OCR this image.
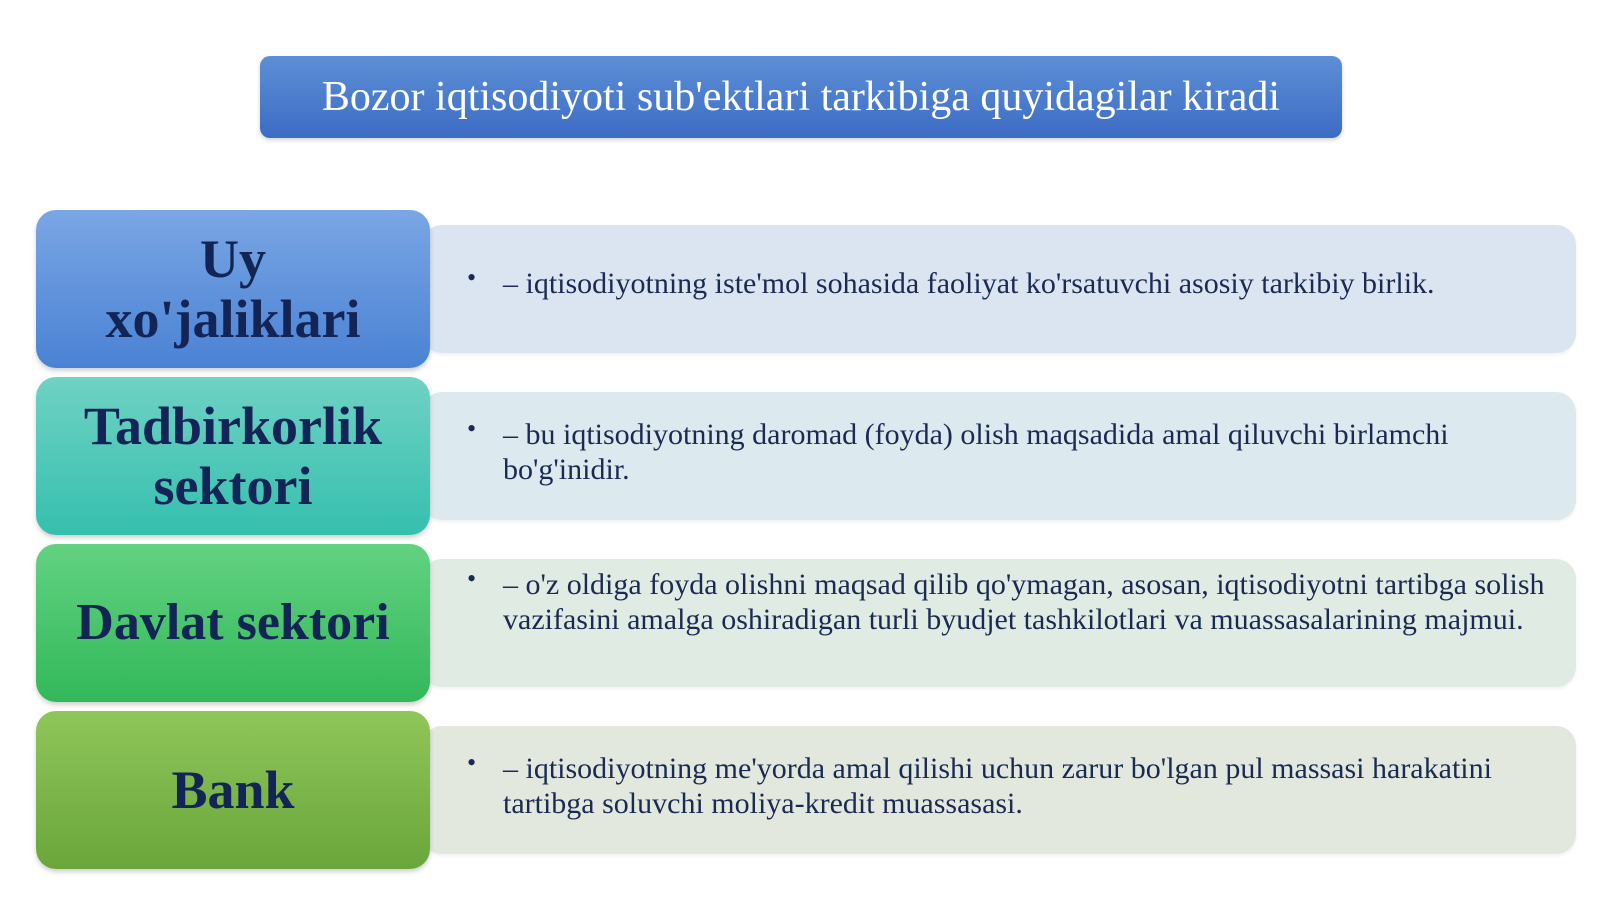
Bozor iqtisodiyoti sub'ektlari tarkibiga quyidagilar kiradi
Uy
xo'jaliklari
• – iqtisodiyotning iste'mol sohasida faoliyat ko'rsatuvchi asosiy tarkibiy birlik.
Tadbirkorlik
sektori
• – bu iqtisodiyotning daromad (foyda) olish maqsadida amal qiluvchi birlamchi bo'g'inidir.
Davlat sektori
• – o'z oldiga foyda olishni maqsad qilib qo'ymagan, asosan, iqtisodiyotni tartibga solish vazifasini amalga oshiradigan turli byudjet tashkilotlari va muassasalarining majmui.
Bank	• – iqtisodiyotning me'yorda amal qilishi uchun zarur bo'lgan pul massasi harakatini tartibga soluvchi moliya-kredit muassasasi.
